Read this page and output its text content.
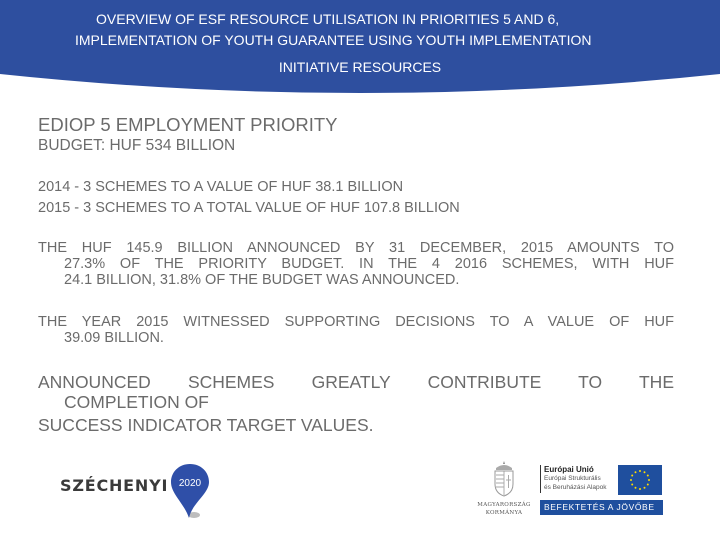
OVERVIEW OF ESF RESOURCE UTILISATION IN PRIORITIES 5 AND 6,
IMPLEMENTATION OF YOUTH GUARANTEE USING YOUTH IMPLEMENTATION
INITIATIVE RESOURCES
EDIOP 5 EMPLOYMENT PRIORITY
BUDGET: HUF 534 BILLION
2014 - 3 SCHEMES TO A VALUE OF HUF 38.1 BILLION
2015 - 3 SCHEMES TO A TOTAL VALUE OF HUF 107.8 BILLION
THE HUF 145.9 BILLION ANNOUNCED BY 31 DECEMBER, 2015 AMOUNTS TO
27.3% OF THE PRIORITY BUDGET. IN THE 4 2016 SCHEMES, WITH HUF
24.1 BILLION, 31.8% OF THE BUDGET WAS ANNOUNCED.
THE YEAR 2015 WITNESSED SUPPORTING DECISIONS TO A VALUE OF HUF
39.09 BILLION.
ANNOUNCED SCHEMES GREATLY CONTRIBUTE TO THE
COMPLETION OF
SUCCESS INDICATOR TARGET VALUES.
SZÉCHENYI 2020
MAGYARORSZÁG
KORMÁNYA
Európai Unió
Európai Strukturális
és Beruházási Alapok
BEFEKTETÉS A JÖVŐBE
